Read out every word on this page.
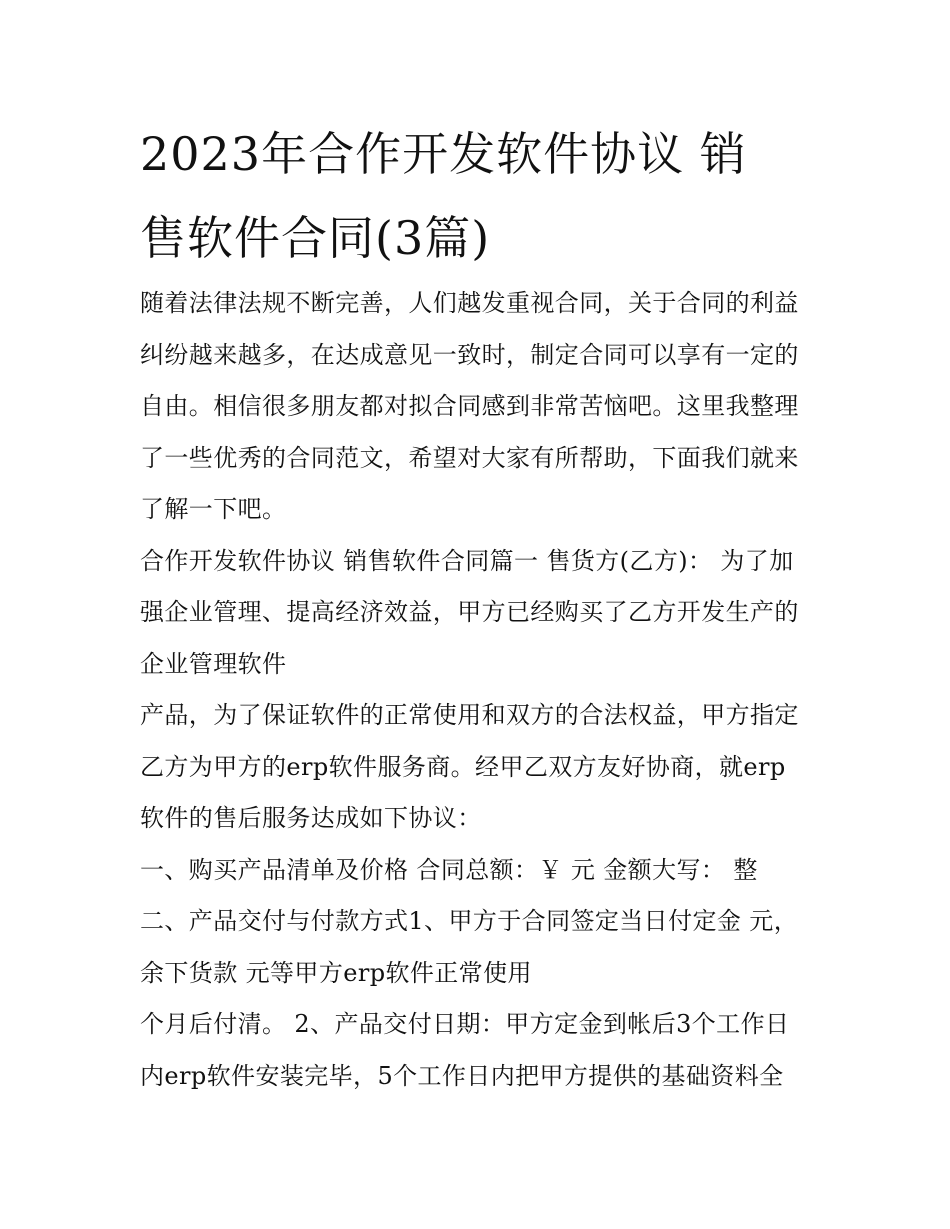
2023年合作开发软件协议 销
售软件合同(3篇)
随着法律法规不断完善，人们越发重视合同，关于合同的利益
纠纷越来越多，在达成意见一致时，制定合同可以享有一定的
自由。相信很多朋友都对拟合同感到非常苦恼吧。这里我整理
了一些优秀的合同范文，希望对大家有所帮助，下面我们就来
了解一下吧。
合作开发软件协议 销售软件合同篇一 售货方(乙方)： 为了加
强企业管理、提高经济效益，甲方已经购买了乙方开发生产的
企业管理软件
产品，为了保证软件的正常使用和双方的合法权益，甲方指定
乙方为甲方的erp软件服务商。经甲乙双方友好协商，就erp
软件的售后服务达成如下协议：
一、购买产品清单及价格 合同总额：￥ 元 金额大写： 整
二、产品交付与付款方式1、甲方于合同签定当日付定金 元，
余下货款 元等甲方erp软件正常使用
个月后付清。 2、产品交付日期：甲方定金到帐后3个工作日
内erp软件安装完毕，5个工作日内把甲方提供的基础资料全
